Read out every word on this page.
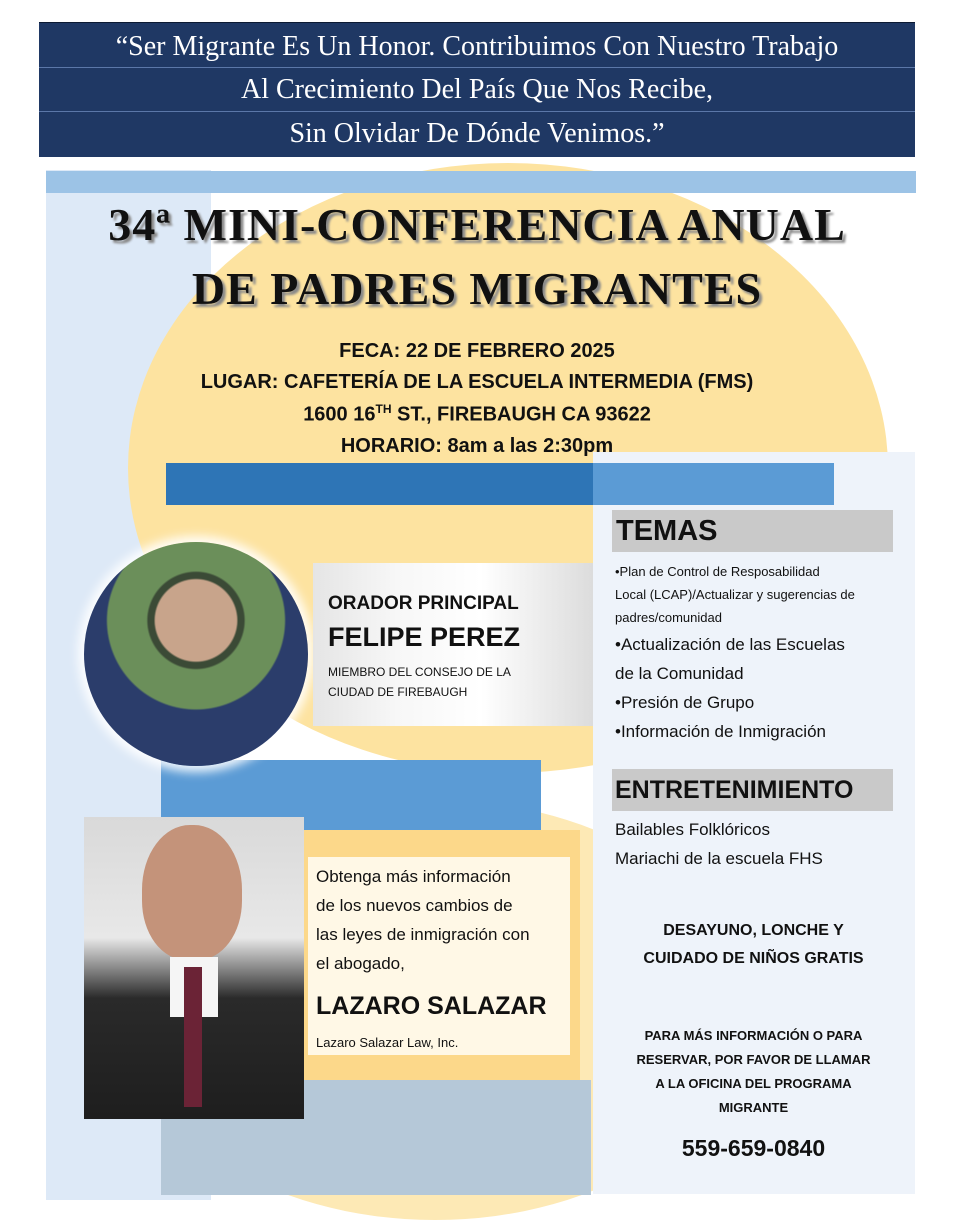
“Ser Migrante Es Un Honor. Contribuimos Con Nuestro Trabajo
Al Crecimiento Del País Que Nos Recibe,
Sin Olvidar De Dónde Venimos.”
34ª MINI-CONFERENCIA ANUAL
DE PADRES MIGRANTES
FECA: 22 DE FEBRERO 2025
LUGAR: CAFETERÍA DE LA ESCUELA INTERMEDIA (FMS)
1600 16TH ST., FIREBAUGH CA 93622
HORARIO: 8am a las 2:30pm
ORADOR PRINCIPAL
FELIPE PEREZ
MIEMBRO DEL CONSEJO DE LA
CIUDAD DE FIREBAUGH
Obtenga más información
de los nuevos cambios de
las leyes de inmigración con
el abogado,
LAZARO SALAZAR
Lazaro Salazar Law, Inc.
TEMAS
•Plan de Control de Resposabilidad
Local (LCAP)/Actualizar y sugerencias de
padres/comunidad
•Actualización de las Escuelas
de la Comunidad
•Presión de Grupo
•Información de Inmigración
ENTRETENIMIENTO
Bailables Folklóricos
Mariachi de la escuela FHS
DESAYUNO, LONCHE Y
CUIDADO DE NIÑOS GRATIS
PARA MÁS INFORMACIÓN O PARA
RESERVAR, POR FAVOR DE LLAMAR
A LA OFICINA DEL PROGRAMA
MIGRANTE
559-659-0840
